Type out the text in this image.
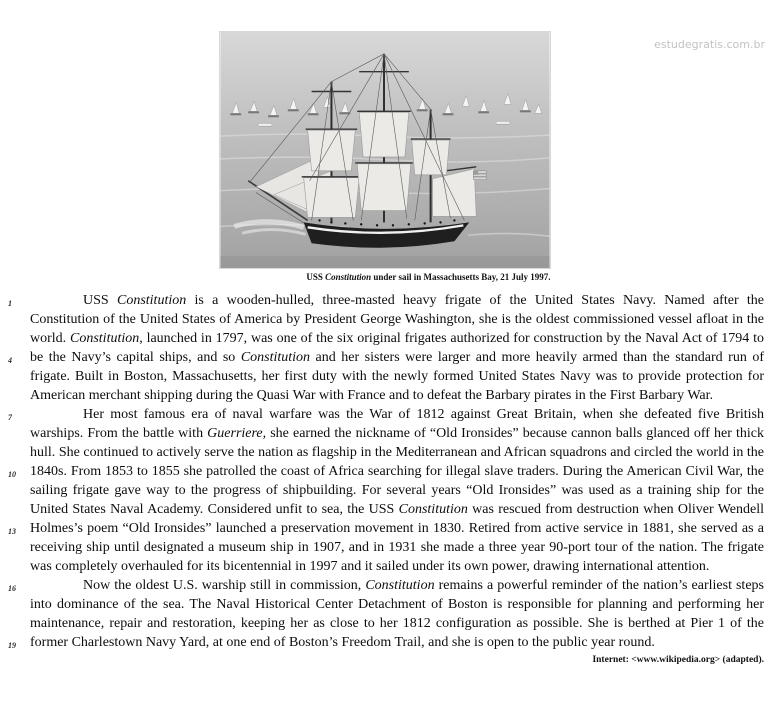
estudegratis.com.br
USS Constitution under sail in Massachusetts Bay, 21 July 1997.

USS Constitution is a wooden-hulled, three-masted heavy frigate of the United States Navy. Named after the Constitution of the United States of America by President George Washington, she is the oldest commissioned vessel afloat in the world. Constitution, launched in 1797, was one of the six original frigates authorized for construction by the Naval Act of 1794 to be the Navy’s capital ships, and so Constitution and her sisters were larger and more heavily armed than the standard run of frigate. Built in Boston, Massachusetts, her first duty with the newly formed United States Navy was to provide protection for American merchant shipping during the Quasi War with France and to defeat the Barbary pirates in the First Barbary War.

Her most famous era of naval warfare was the War of 1812 against Great Britain, when she defeated five British warships. From the battle with Guerriere, she earned the nickname of “Old Ironsides” because cannon balls glanced off her thick hull. She continued to actively serve the nation as flagship in the Mediterranean and African squadrons and circled the world in the 1840s. From 1853 to 1855 she patrolled the coast of Africa searching for illegal slave traders. During the American Civil War, the sailing frigate gave way to the progress of shipbuilding. For several years “Old Ironsides” was used as a training ship for the United States Naval Academy. Considered unfit to sea, the USS Constitution was rescued from destruction when Oliver Wendell Holmes’s poem “Old Ironsides” launched a preservation movement in 1830. Retired from active service in 1881, she served as a receiving ship until designated a museum ship in 1907, and in 1931 she made a three year 90-port tour of the nation. The frigate was completely overhauled for its bicentennial in 1997 and it sailed under its own power, drawing international attention.

Now the oldest U.S. warship still in commission, Constitution remains a powerful reminder of the nation’s earliest steps into dominance of the sea. The Naval Historical Center Detachment of Boston is responsible for planning and performing her maintenance, repair and restoration, keeping her as close to her 1812 configuration as possible. She is berthed at Pier 1 of the former Charlestown Navy Yard, at one end of Boston’s Freedom Trail, and she is open to the public year round.

1
4
7
10
13
16
19
Internet: <www.wikipedia.org> (adapted).
